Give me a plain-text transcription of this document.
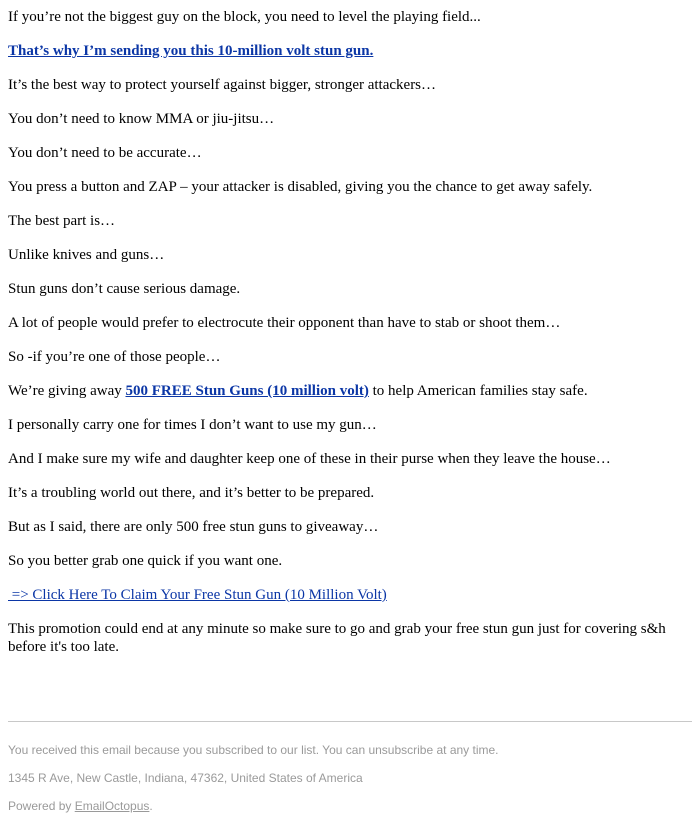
If you’re not the biggest guy on the block, you need to level the playing field...

That’s why I’m sending you this 10-million volt stun gun.

It’s the best way to protect yourself against bigger, stronger attackers…

You don’t need to know MMA or jiu-jitsu…

You don’t need to be accurate…

You press a button and ZAP – your attacker is disabled, giving you the chance to get away safely.

The best part is…

Unlike knives and guns…

Stun guns don’t cause serious damage.

A lot of people would prefer to electrocute their opponent than have to stab or shoot them…

So -if you’re one of those people…

We’re giving away 500 FREE Stun Guns (10 million volt) to help American families stay safe.

I personally carry one for times I don’t want to use my gun…

And I make sure my wife and daughter keep one of these in their purse when they leave the house…

It’s a troubling world out there, and it’s better to be prepared.

But as I said, there are only 500 free stun guns to giveaway…

So you better grab one quick if you want one.

=> Click Here To Claim Your Free Stun Gun (10 Million Volt)

This promotion could end at any minute so make sure to go and grab your free stun gun just for covering s&h before it's too late.

You received this email because you subscribed to our list. You can unsubscribe at any time.
1345 R Ave, New Castle, Indiana, 47362, United States of America
Powered by EmailOctopus.
